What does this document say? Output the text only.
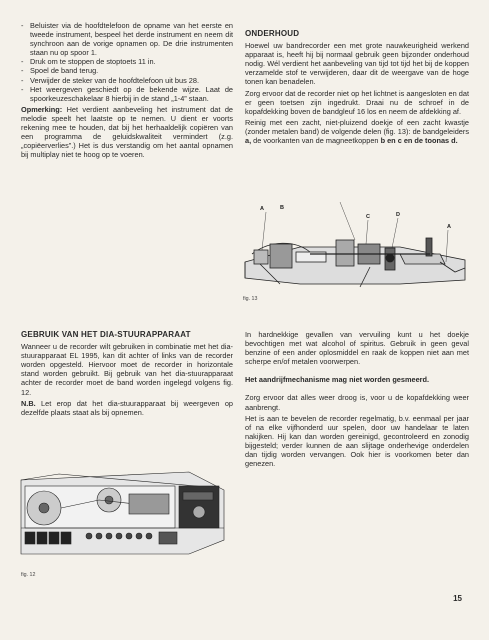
- Beluister via de hoofdtelefoon de opname van het eerste en tweede instrument, bespeel het derde instrument en neem dit synchroon aan de vorige opnamen op. De drie instrumenten staan nu op spoor 1.
- Druk om te stoppen de stoptoets 11 in.
- Spoel de band terug.
- Verwijder de steker van de hoofdtelefoon uit bus 28.
- Het weergeven geschiedt op de bekende wijze. Laat de spoorkeuzeschakelaar 8 hierbij in de stand „1-4” staan.
Opmerking: Het verdient aanbeveling het instrument dat de melodie speelt het laatste op te nemen. U dient er voorts rekening mee te houden, dat bij het herhaaldelijk copiëren van een programma de geluidskwaliteit vermindert (z.g. „copiëerverlies”.) Het is dus verstandig om het aantal opnamen bij multiplay niet te hoog op te voeren.
ONDERHOUD
Hoewel uw bandrecorder een met grote nauwkeurigheid werkend apparaat is, heeft hij bij normaal gebruik geen bijzonder onderhoud nodig. Wél verdient het aanbeveling van tijd tot tijd het bij de koppen verzamelde stof te verwijderen, daar dit de weergave van de hoge tonen kan benadelen.
Zorg ervoor dat de recorder niet op het lichtnet is aangesloten en dat er geen toetsen zijn ingedrukt. Draai nu de schroef in de kopafdekking boven de bandgleuf 16 los en neem de afdekking af.
Reinig met een zacht, niet-pluizend doekje of een zacht kwastje (zonder metalen band) de volgende delen (fig. 13): de bandgeleiders a, de voorkanten van de magneetkoppen b en c en de toonas d.
A	B
C	D
A
fig. 13
GEBRUIK VAN HET DIA-STUURAPPARAAT
Wanneer u de recorder wilt gebruiken in combinatie met het dia-stuurapparaat EL 1995, kan dit achter of links van de recorder worden opgesteld. Hiervoor moet de recorder in horizontale stand worden gebruikt. Bij gebruik van het dia-stuurapparaat achter de recorder moet de band worden ingelegd volgens fig. 12.
N.B. Let erop dat het dia-stuurapparaat bij weergeven op dezelfde plaats staat als bij opnemen.
fig. 12
In hardnekkige gevallen van vervuiling kunt u het doekje bevochtigen met wat alcohol of spiritus. Gebruik in geen geval benzine of een ander oplosmiddel en raak de koppen niet aan met scherpe en/of metalen voorwerpen.
Het aandrijfmechanisme mag niet worden gesmeerd.
Zorg ervoor dat alles weer droog is, voor u de kopafdekking weer aanbrengt.
Het is aan te bevelen de recorder regelmatig, b.v. eenmaal per jaar of na elke vijfhonderd uur spelen, door uw handelaar te laten nakijken. Hij kan dan worden gereinigd, gecontroleerd en zonodig bijgesteld; verder kunnen de aan slijtage onderhevige onderdelen dan tijdig worden vervangen. Ook hier is voorkomen beter dan genezen.
15
